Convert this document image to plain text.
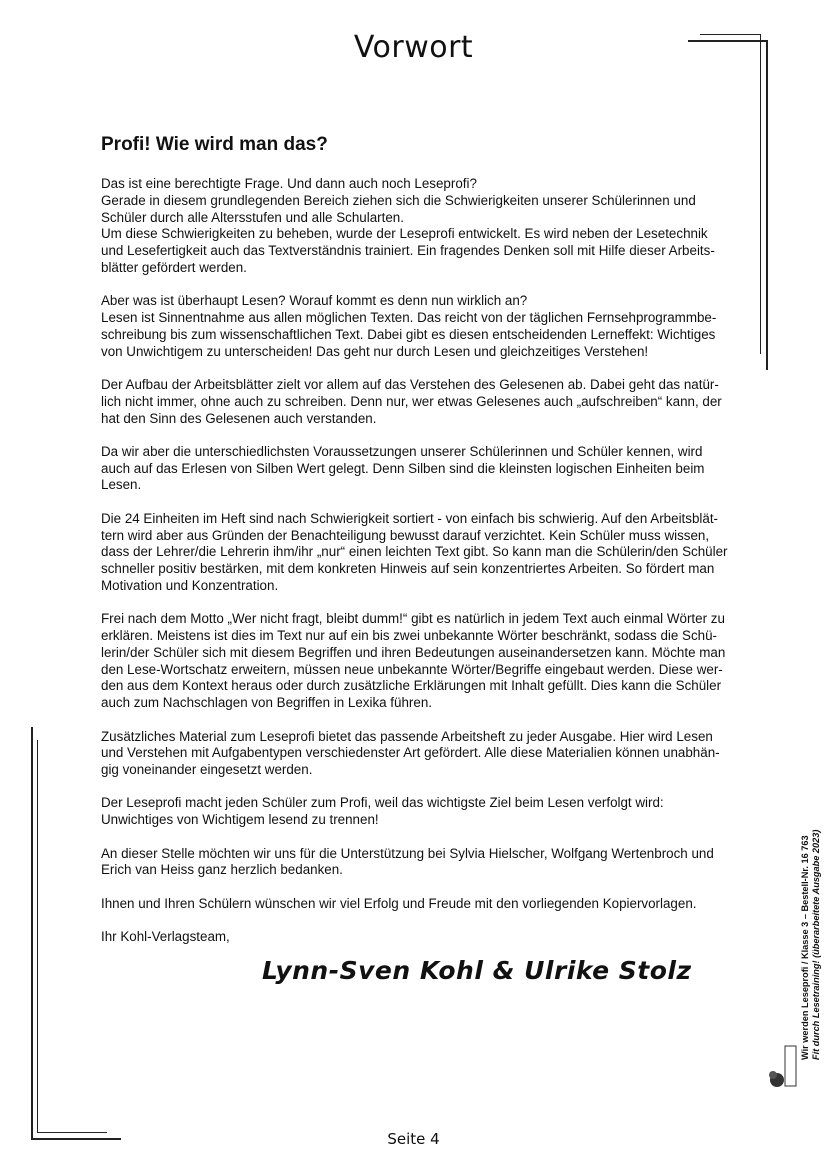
Vorwort
Profi! Wie wird man das?
Das ist eine berechtigte Frage. Und dann auch noch Leseprofi?
Gerade in diesem grundlegenden Bereich ziehen sich die Schwierigkeiten unserer Schülerinnen und
Schüler durch alle Altersstufen und alle Schularten.
Um diese Schwierigkeiten zu beheben, wurde der Leseprofi entwickelt. Es wird neben der Lesetechnik
und Lesefertigkeit auch das Textverständnis trainiert. Ein fragendes Denken soll mit Hilfe dieser Arbeits-
blätter gefördert werden.
Aber was ist überhaupt Lesen? Worauf kommt es denn nun wirklich an?
Lesen ist Sinnentnahme aus allen möglichen Texten. Das reicht von der täglichen Fernsehprogrammbe-
schreibung bis zum wissenschaftlichen Text. Dabei gibt es diesen entscheidenden Lerneffekt: Wichtiges
von Unwichtigem zu unterscheiden! Das geht nur durch Lesen und gleichzeitiges Verstehen!
Der Aufbau der Arbeitsblätter zielt vor allem auf das Verstehen des Gelesenen ab. Dabei geht das natür-
lich nicht immer, ohne auch zu schreiben. Denn nur, wer etwas Gelesenes auch „aufschreiben“ kann, der
hat den Sinn des Gelesenen auch verstanden.
Da wir aber die unterschiedlichsten Voraussetzungen unserer Schülerinnen und Schüler kennen, wird
auch auf das Erlesen von Silben Wert gelegt. Denn Silben sind die kleinsten logischen Einheiten beim
Lesen.
Die 24 Einheiten im Heft sind nach Schwierigkeit sortiert - von einfach bis schwierig. Auf den Arbeitsblät-
tern wird aber aus Gründen der Benachteiligung bewusst darauf verzichtet. Kein Schüler muss wissen,
dass der Lehrer/die Lehrerin ihm/ihr „nur“ einen leichten Text gibt. So kann man die Schülerin/den Schüler
schneller positiv bestärken, mit dem konkreten Hinweis auf sein konzentriertes Arbeiten. So fördert man
Motivation und Konzentration.
Frei nach dem Motto „Wer nicht fragt, bleibt dumm!“ gibt es natürlich in jedem Text auch einmal Wörter zu
erklären. Meistens ist dies im Text nur auf ein bis zwei unbekannte Wörter beschränkt, sodass die Schü-
lerin/der Schüler sich mit diesem Begriffen und ihren Bedeutungen auseinandersetzen kann. Möchte man
den Lese-Wortschatz erweitern, müssen neue unbekannte Wörter/Begriffe eingebaut werden. Diese wer-
den aus dem Kontext heraus oder durch zusätzliche Erklärungen mit Inhalt gefüllt. Dies kann die Schüler
auch zum Nachschlagen von Begriffen in Lexika führen.
Zusätzliches Material zum Leseprofi bietet das passende Arbeitsheft zu jeder Ausgabe. Hier wird Lesen
und Verstehen mit Aufgabentypen verschiedenster Art gefördert. Alle diese Materialien können unabhän-
gig voneinander eingesetzt werden.
Der Leseprofi macht jeden Schüler zum Profi, weil das wichtigste Ziel beim Lesen verfolgt wird:
Unwichtiges von Wichtigem lesend zu trennen!
An dieser Stelle möchten wir uns für die Unterstützung bei Sylvia Hielscher, Wolfgang Wertenbroch und
Erich van Heiss ganz herzlich bedanken.
Ihnen und Ihren Schülern wünschen wir viel Erfolg und Freude mit den vorliegenden Kopiervorlagen.
Ihr Kohl-Verlagsteam,
Lynn-Sven Kohl & Ulrike Stolz
Seite 4
Wir werden Leseprofi / Klasse 3 – Bestell-Nr. 16 763 Fit durch Lesetraining! (überarbeitete Ausgabe 2023)
